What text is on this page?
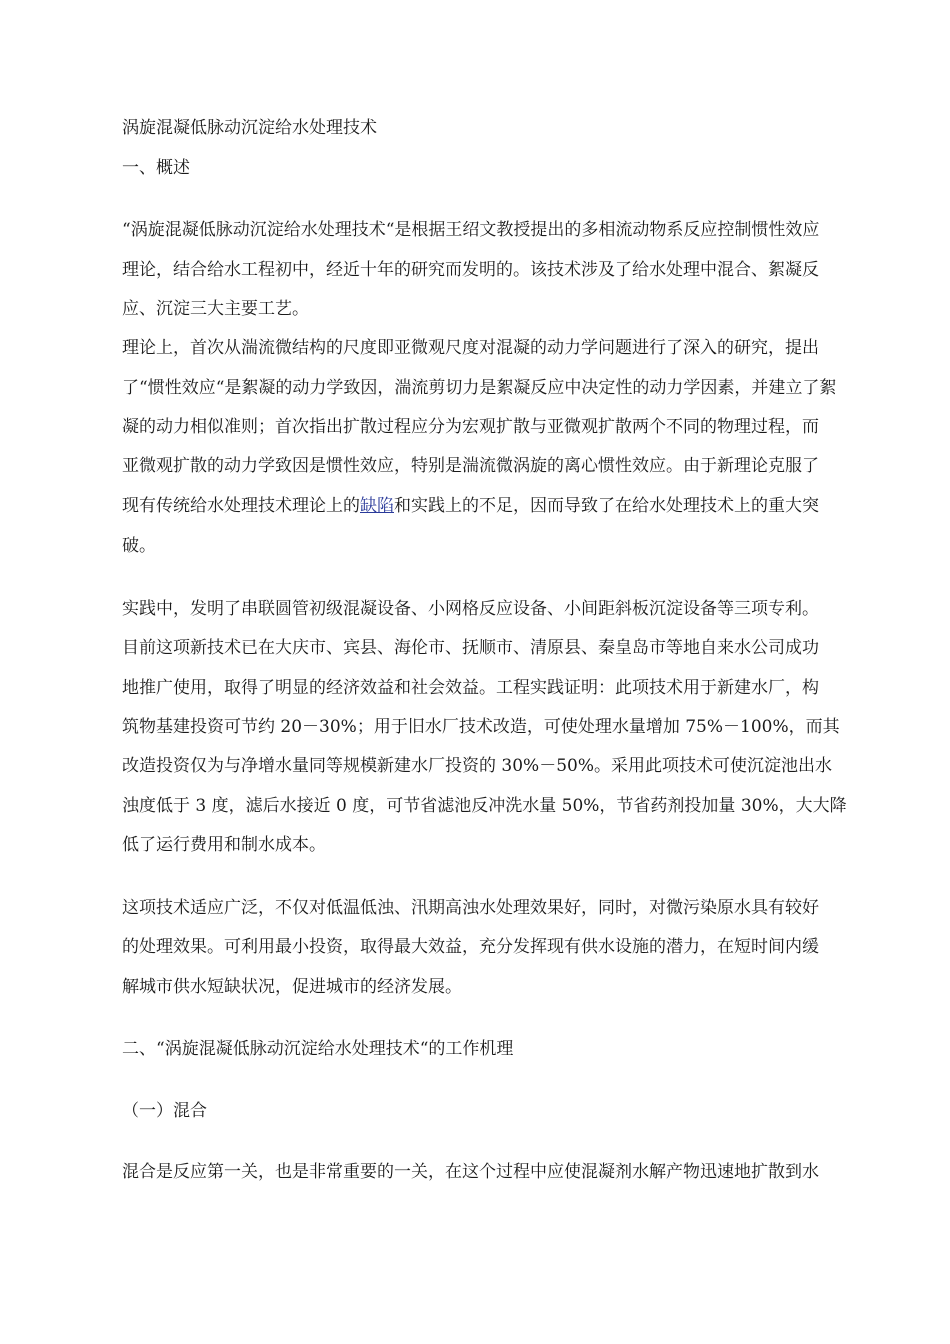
涡旋混凝低脉动沉淀给水处理技术

一、概述

“涡旋混凝低脉动沉淀给水处理技术“是根据王绍文教授提出的多相流动物系反应控制惯性效应

理论，结合给水工程初中，经近十年的研究而发明的。该技术涉及了给水处理中混合、絮凝反

应、沉淀三大主要工艺。

理论上，首次从湍流微结构的尺度即亚微观尺度对混凝的动力学问题进行了深入的研究，提出

了“惯性效应“是絮凝的动力学致因，湍流剪切力是絮凝反应中决定性的动力学因素，并建立了絮

凝的动力相似准则；首次指出扩散过程应分为宏观扩散与亚微观扩散两个不同的物理过程，而

亚微观扩散的动力学致因是惯性效应，特别是湍流微涡旋的离心惯性效应。由于新理论克服了

现有传统给水处理技术理论上的缺陷和实践上的不足，因而导致了在给水处理技术上的重大突

破。

实践中，发明了串联圆管初级混凝设备、小网格反应设备、小间距斜板沉淀设备等三项专利。

目前这项新技术已在大庆市、宾县、海伦市、抚顺市、清原县、秦皇岛市等地自来水公司成功

地推广使用，取得了明显的经济效益和社会效益。工程实践证明：此项技术用于新建水厂，构

筑物基建投资可节约 20－30%；用于旧水厂技术改造，可使处理水量增加 75%－100%，而其

改造投资仅为与净增水量同等规模新建水厂投资的 30%－50%。采用此项技术可使沉淀池出水

浊度低于 3 度，滤后水接近 0 度，可节省滤池反冲洗水量 50%，节省药剂投加量 30%，大大降

低了运行费用和制水成本。

这项技术适应广泛，不仅对低温低浊、汛期高浊水处理效果好，同时，对微污染原水具有较好

的处理效果。可利用最小投资，取得最大效益，充分发挥现有供水设施的潜力，在短时间内缓

解城市供水短缺状况，促进城市的经济发展。

二、“涡旋混凝低脉动沉淀给水处理技术“的工作机理

（一）混合

混合是反应第一关，也是非常重要的一关，在这个过程中应使混凝剂水解产物迅速地扩散到水
